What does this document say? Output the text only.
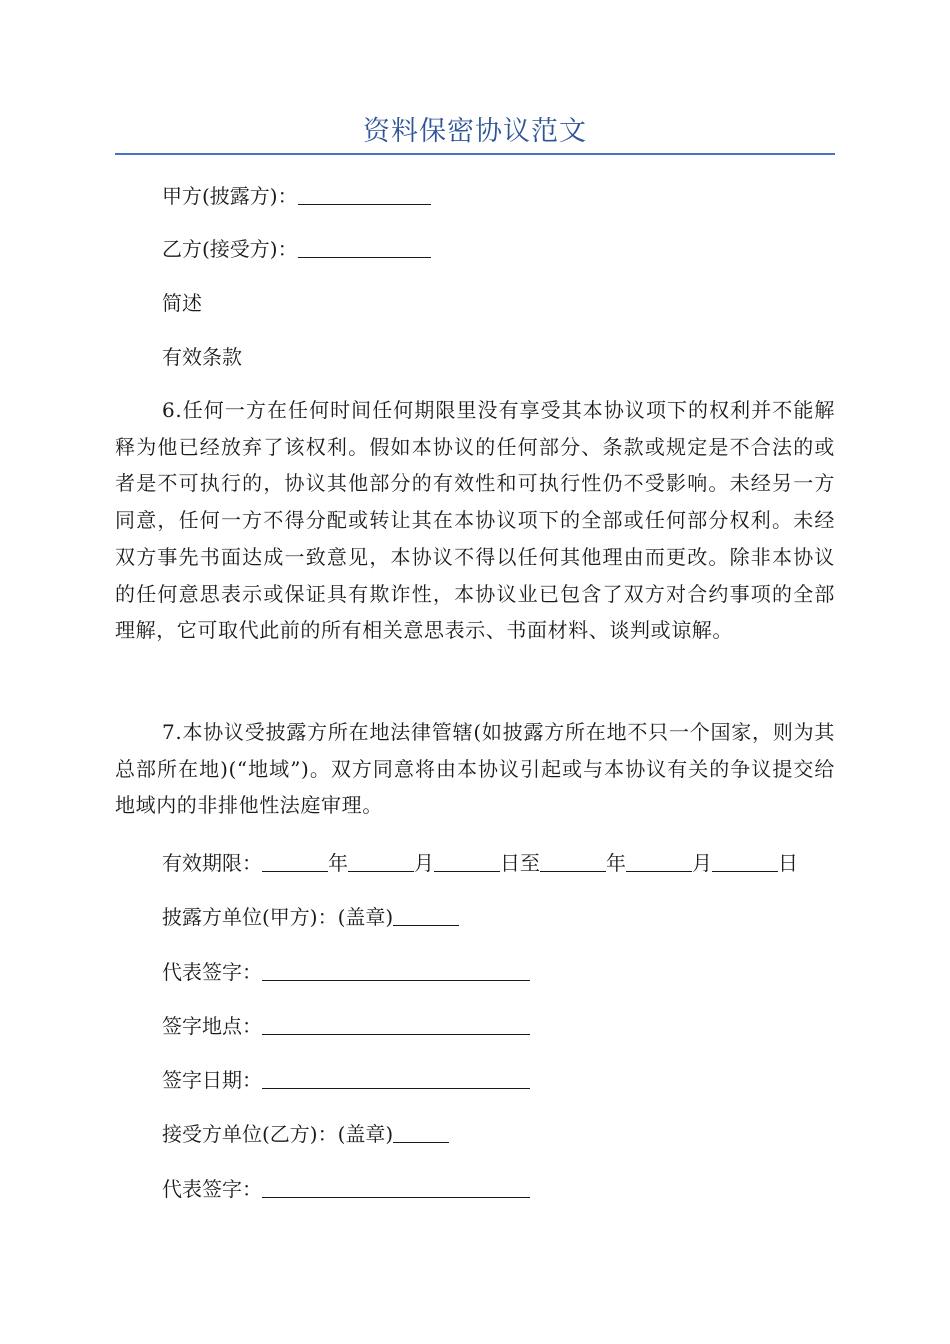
资料保密协议范文
甲方(披露方)：
乙方(接受方)：
简述
有效条款
6.任何一方在任何时间任何期限里没有享受其本协议项下的权利并不能解释为他已经放弃了该权利。假如本协议的任何部分、条款或规定是不合法的或者是不可执行的，协议其他部分的有效性和可执行性仍不受影响。未经另一方同意，任何一方不得分配或转让其在本协议项下的全部或任何部分权利。未经双方事先书面达成一致意见，本协议不得以任何其他理由而更改。除非本协议的任何意思表示或保证具有欺诈性，本协议业已包含了双方对合约事项的全部理解，它可取代此前的所有相关意思表示、书面材料、谈判或谅解。
7.本协议受披露方所在地法律管辖(如披露方所在地不只一个国家，则为其总部所在地)(“地域”)。双方同意将由本协议引起或与本协议有关的争议提交给地域内的非排他性法庭审理。
有效期限：	年	月	日至	年	月	日
披露方单位(甲方)：(盖章)
代表签字：
签字地点：
签字日期：
接受方单位(乙方)：(盖章)
代表签字：
